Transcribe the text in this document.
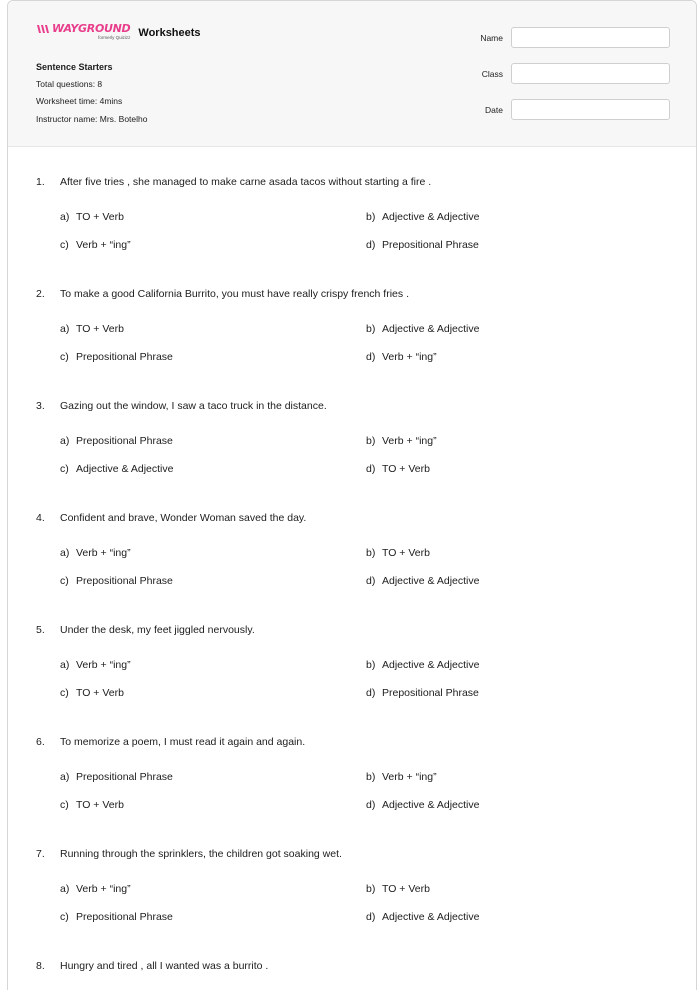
WAYGROUND
formerly Quizizz Worksheets
Sentence Starters
Total questions: 8
Worksheet time: 4mins
Instructor name: Mrs. Botelho
Name
Class
Date
1.	After five tries , she managed to make carne asada tacos without starting a fire .
a) TO + Verb	b) Adjective & Adjective
c) Verb + “ing”	d) Prepositional Phrase
2.	To make a good California Burrito, you must have really crispy french fries .
a) TO + Verb	b) Adjective & Adjective
c) Prepositional Phrase	d) Verb + “ing”
3.	Gazing out the window, I saw a taco truck in the distance.
a) Prepositional Phrase	b) Verb + “ing”
c) Adjective & Adjective	d) TO + Verb
4.	Confident and brave, Wonder Woman saved the day.
a) Verb + “ing”	b) TO + Verb
c) Prepositional Phrase	d) Adjective & Adjective
5.	Under the desk, my feet jiggled nervously.
a) Verb + “ing”	b) Adjective & Adjective
c) TO + Verb	d) Prepositional Phrase
6.	To memorize a poem, I must read it again and again.
a) Prepositional Phrase	b) Verb + “ing”
c) TO + Verb	d) Adjective & Adjective
7.	Running through the sprinklers, the children got soaking wet.
a) Verb + “ing”	b) TO + Verb
c) Prepositional Phrase	d) Adjective & Adjective
8.	Hungry and tired , all I wanted was a burrito .
